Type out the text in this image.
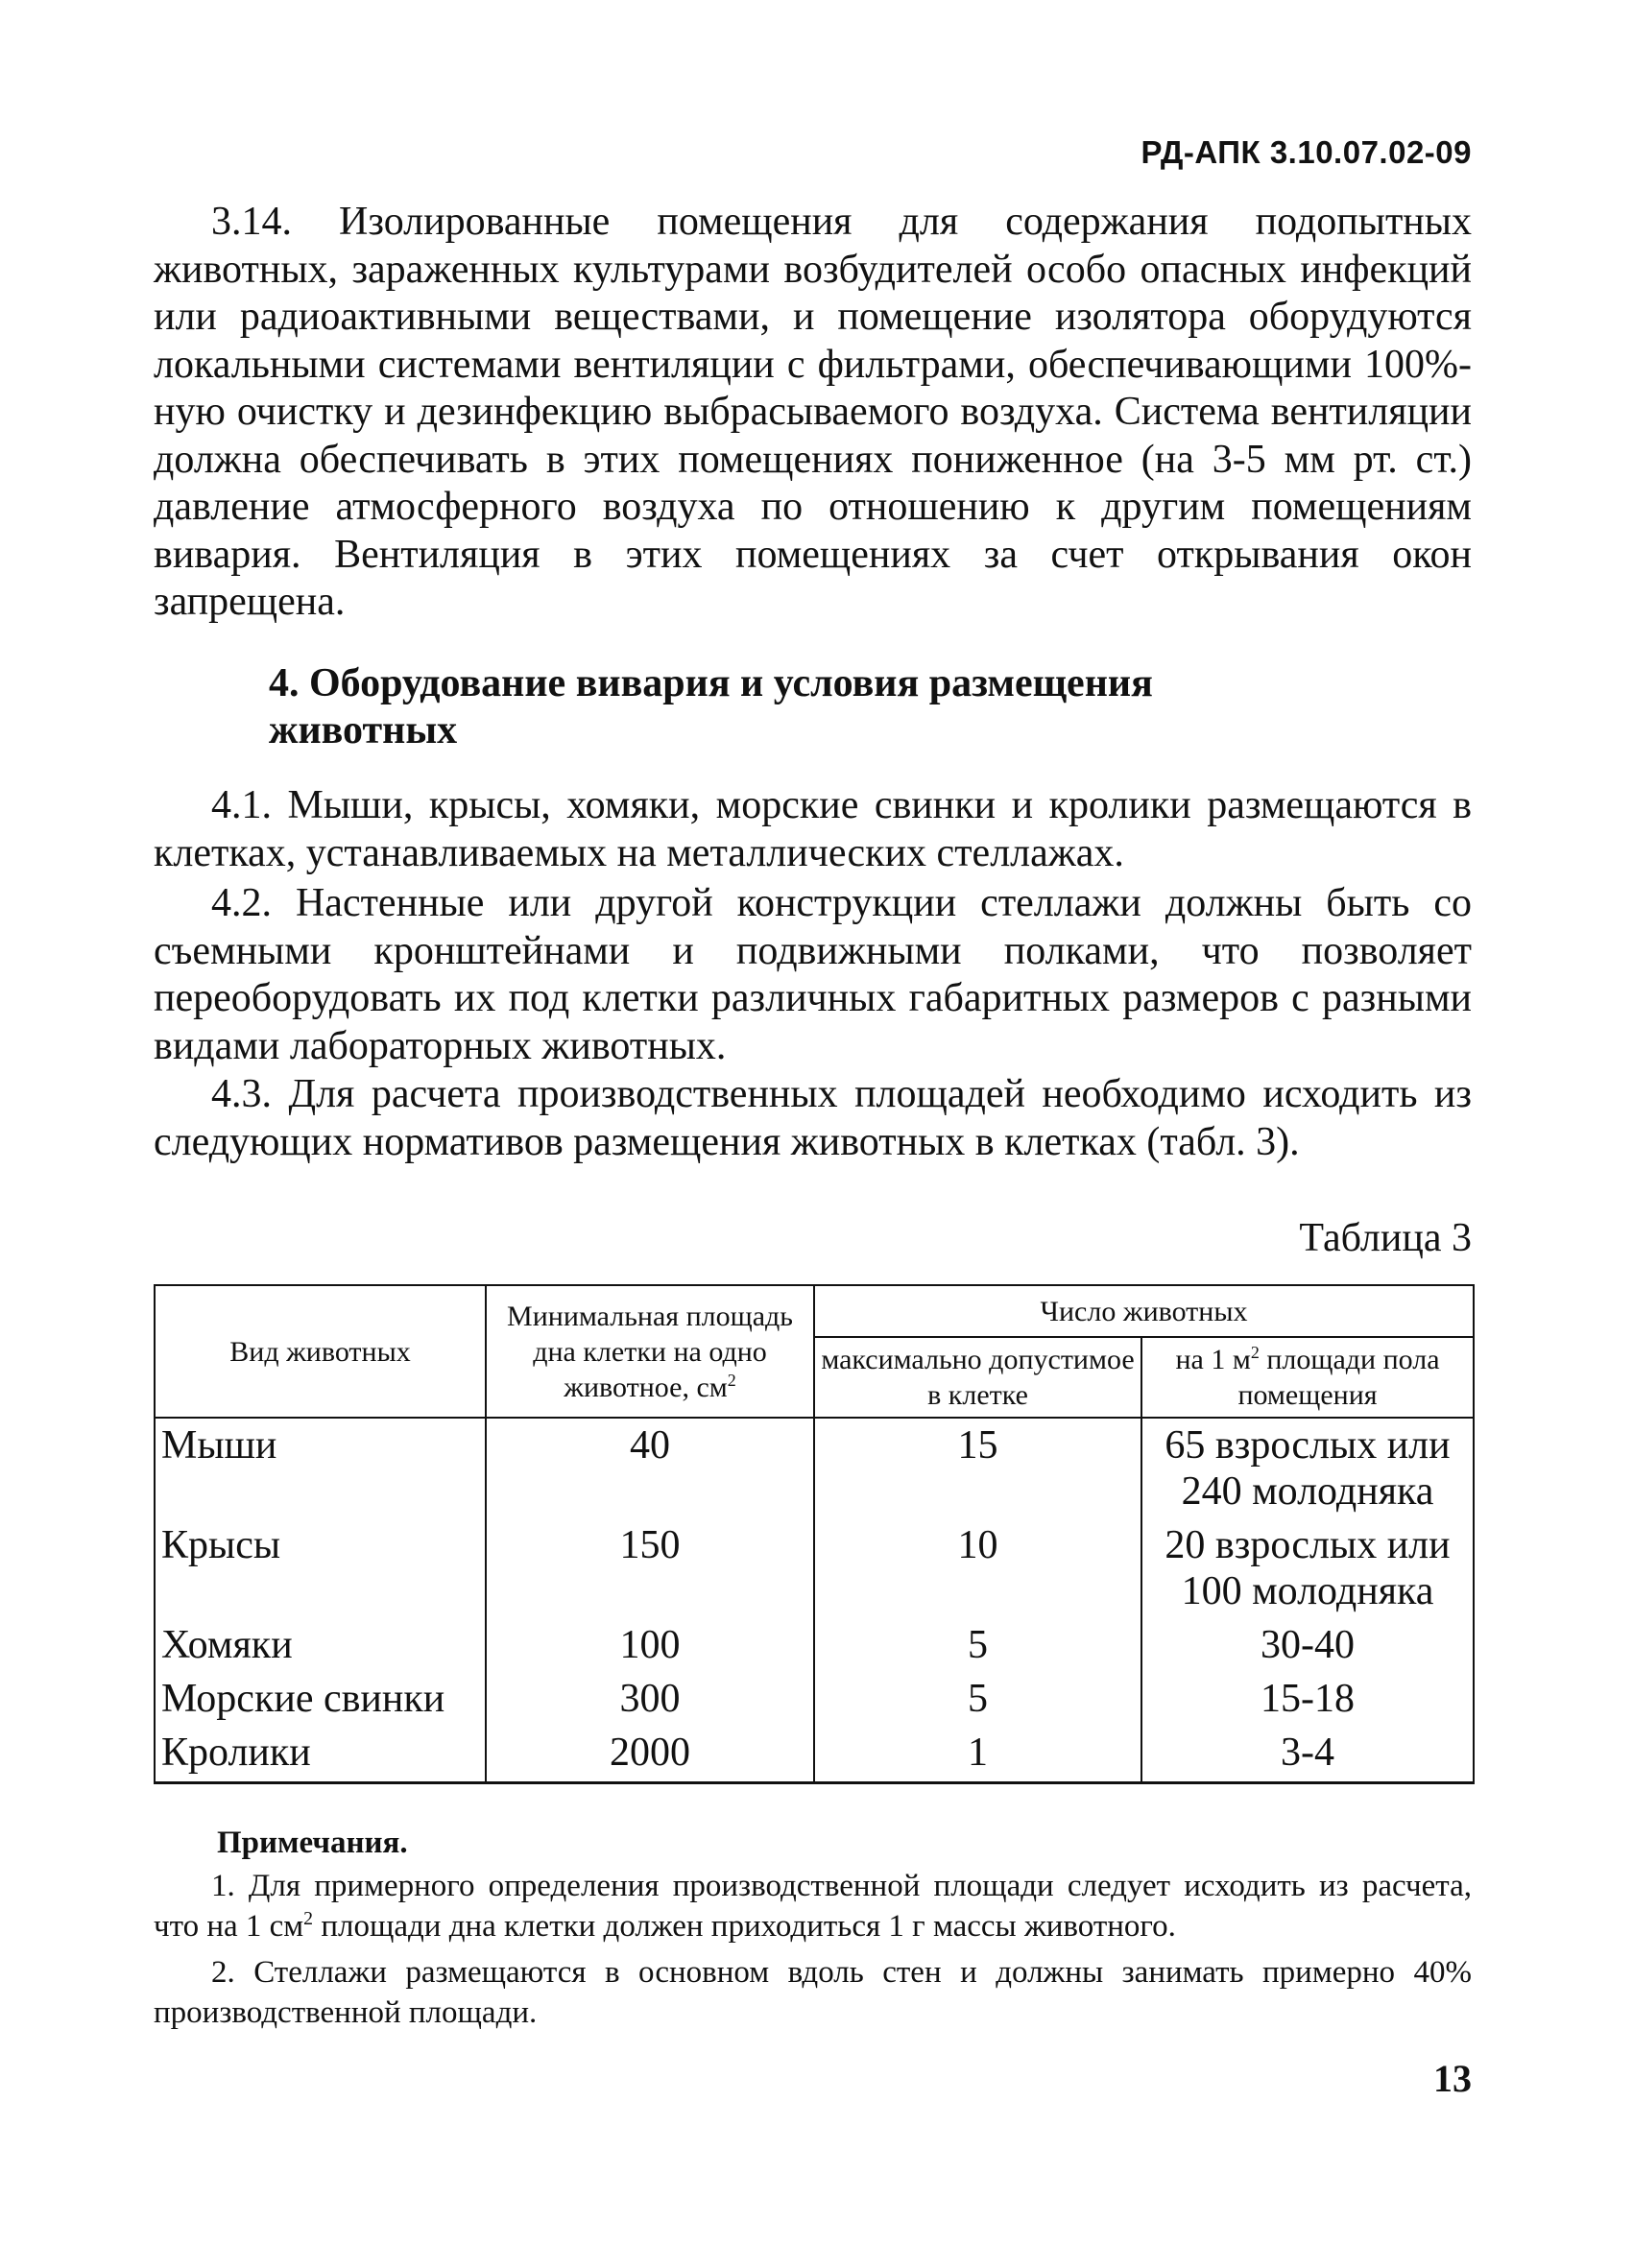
РД-АПК 3.10.07.02-09

3.14. Изолированные помещения для содержания подопытных животных, зараженных культурами возбудителей особо опасных инфекций или радиоактивными веществами, и помещение изолятора оборудуются локальными системами вентиляции с фильтрами, обеспечивающими 100%-ную очистку и дезинфекцию выбрасываемого воздуха. Система вентиляции должна обеспечивать в этих помещениях пониженное (на 3-5 мм рт. ст.) давление атмосферного воздуха по отношению к другим помещениям вивария. Вентиляция в этих помещениях за счет открывания окон запрещена.

4. Оборудование вивария и условия размещения
животных

4.1. Мыши, крысы, хомяки, морские свинки и кролики размещаются в клетках, устанавливаемых на металлических стеллажах.

4.2. Настенные или другой конструкции стеллажи должны быть со съемными кронштейнами и подвижными полками, что позволяет переоборудовать их под клетки различных габаритных размеров с разными видами лабораторных животных.

4.3. Для расчета производственных площадей необходимо исходить из следующих нормативов размещения животных в клетках (табл. 3).

Таблица 3
Вид животных	Минимальная площадь дна клетки на одно животное, $см^2$	Число животных	
		максимально допустимое в клетке	на 1 $м^2$ площади пола помещения
Мыши	40	15	65 взрослых или
240 молодняка

Крысы	150	10	20 взрослых или
100 молодняка

Хомяки	100	5	30-40
Морские свинки	300	5	15-18
Кролики	2000	1	3-4
Примечания.

1. Для примерного определения производственной площади следует исходить из расчета, что на 1 $см^2$ площади дна клетки должен приходиться 1 г массы животного.

2. Стеллажи размещаются в основном вдоль стен и должны занимать примерно 40% производственной площади.

13
